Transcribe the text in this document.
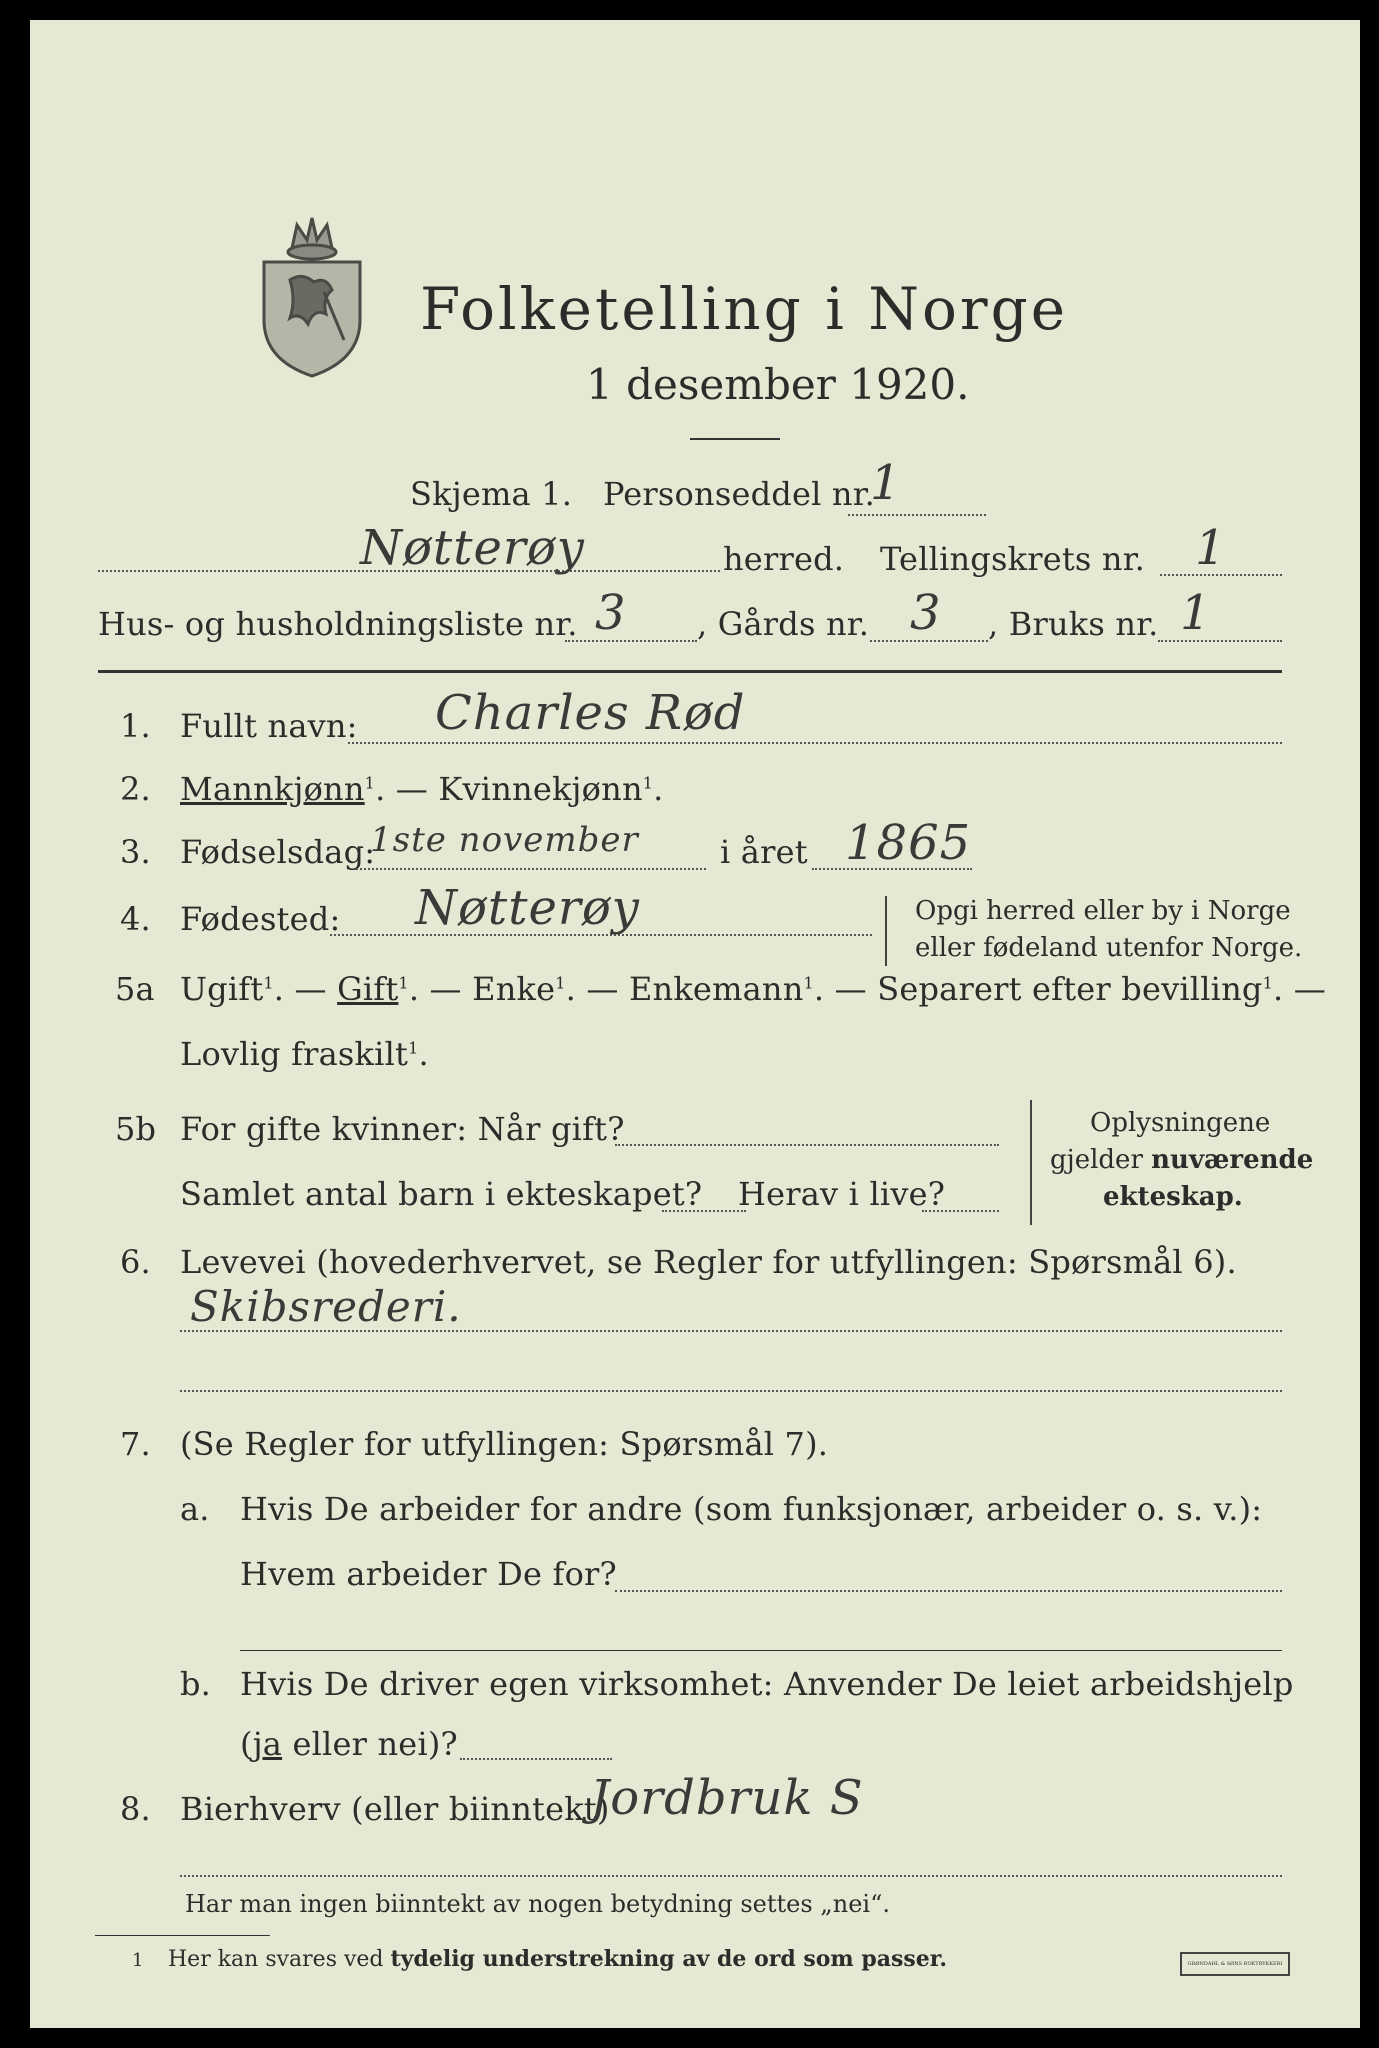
Folketelling i Norge
1 desember 1920.
Skjema 1. Personseddel nr.
1
Nøtterøy	herred. Tellingskrets nr. 1
Hus- og husholdningsliste nr. 3 , Gårds nr. 3 , Bruks nr. 1
1. Fullt navn: Charles Rød
2. Mannkjønn$^1$. — Kvinnekjønn$^1$.
3. Fødselsdag:
1ste november	i året 1865
4. Fødested: Nøtterøy	Opgi herred eller by i Norge
eller fødeland utenfor Norge.
5a Ugift$^1$. — Gift$^1$. — Enke$^1$. — Enkemann$^1$. — Separert efter bevilling$^1$. —
Lovlig fraskilt$^1$.
5b For gifte kvinner: Når gift?
Samlet antal barn i ekteskapet? Herav i live?
Oplysningene
gjelder nuværende
ekteskap.
6. Levevei (hovederhvervet, se Regler for utfyllingen: Spørsmål 6).
Skibsrederi.
7. (Se Regler for utfyllingen: Spørsmål 7).
a. Hvis De arbeider for andre (som funksjonær, arbeider o. s. v.):
Hvem arbeider De for?
b. Hvis De driver egen virksomhet: Anvender De leiet arbeidshjelp
(ja eller nei)?
8. Bierhverv (eller biinntekt)
Jordbruk S
Har man ingen biinntekt av nogen betydning settes „nei“.
1 Her kan svares ved tydelig understrekning av de ord som passer.	GRØNDAHL & SØNS BOKTRYKKERI
